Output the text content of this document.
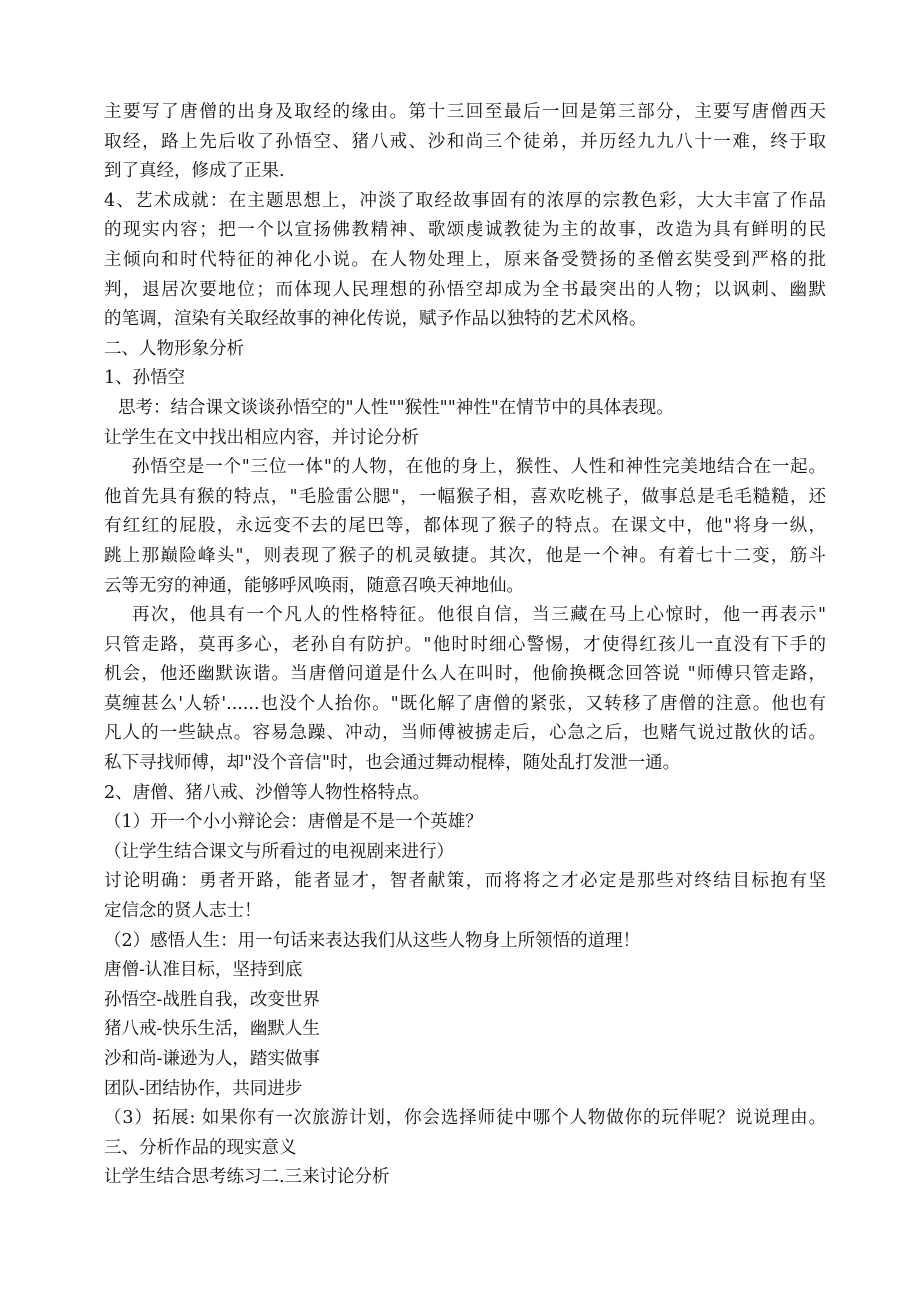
主要写了唐僧的出身及取经的缘由。第十三回至最后一回是第三部分，主要写唐僧西天
取经，路上先后收了孙悟空、猪八戒、沙和尚三个徒弟，并历经九九八十一难，终于取
到了真经，修成了正果.
4、艺术成就：在主题思想上，冲淡了取经故事固有的浓厚的宗教色彩，大大丰富了作品
的现实内容；把一个以宣扬佛教精神、歌颂虔诚教徒为主的故事，改造为具有鲜明的民
主倾向和时代特征的神化小说。在人物处理上，原来备受赞扬的圣僧玄奘受到严格的批
判，退居次要地位；而体现人民理想的孙悟空却成为全书最突出的人物；以讽刺、幽默
的笔调，渲染有关取经故事的神化传说，赋予作品以独特的艺术风格。
二、人物形象分析
1、孙悟空
思考：结合课文谈谈孙悟空的"人性""猴性""神性"在情节中的具体表现。
让学生在文中找出相应内容，并讨论分析
孙悟空是一个"三位一体"的人物，在他的身上，猴性、人性和神性完美地结合在一起。
他首先具有猴的特点，"毛脸雷公腮"，一幅猴子相，喜欢吃桃子，做事总是毛毛糙糙，还
有红红的屁股，永远变不去的尾巴等，都体现了猴子的特点。在课文中，他"将身一纵，
跳上那巅险峰头"，则表现了猴子的机灵敏捷。其次，他是一个神。有着七十二变，筋斗
云等无穷的神通，能够呼风唤雨，随意召唤天神地仙。
再次，他具有一个凡人的性格特征。他很自信，当三藏在马上心惊时，他一再表示"
只管走路，莫再多心，老孙自有防护。"他时时细心警惕，才使得红孩儿一直没有下手的
机会，他还幽默诙谐。当唐僧问道是什么人在叫时，他偷换概念回答说 "师傅只管走路，
莫缠甚么'人轿'......也没个人抬你。"既化解了唐僧的紧张，又转移了唐僧的注意。他也有
凡人的一些缺点。容易急躁、冲动，当师傅被掳走后，心急之后，也赌气说过散伙的话。
私下寻找师傅，却"没个音信"时，也会通过舞动棍棒，随处乱打发泄一通。
2、唐僧、猪八戒、沙僧等人物性格特点。
（1）开一个小小辩论会：唐僧是不是一个英雄？
（让学生结合课文与所看过的电视剧来进行）
讨论明确：勇者开路，能者显才，智者献策，而将将之才必定是那些对终结目标抱有坚
定信念的贤人志士！
（2）感悟人生：用一句话来表达我们从这些人物身上所领悟的道理！
唐僧-认准目标，坚持到底
孙悟空-战胜自我，改变世界
猪八戒-快乐生活，幽默人生
沙和尚-谦逊为人，踏实做事
团队-团结协作，共同进步
（3）拓展: 如果你有一次旅游计划，你会选择师徒中哪个人物做你的玩伴呢？说说理由。
三、分析作品的现实意义
让学生结合思考练习二.三来讨论分析
